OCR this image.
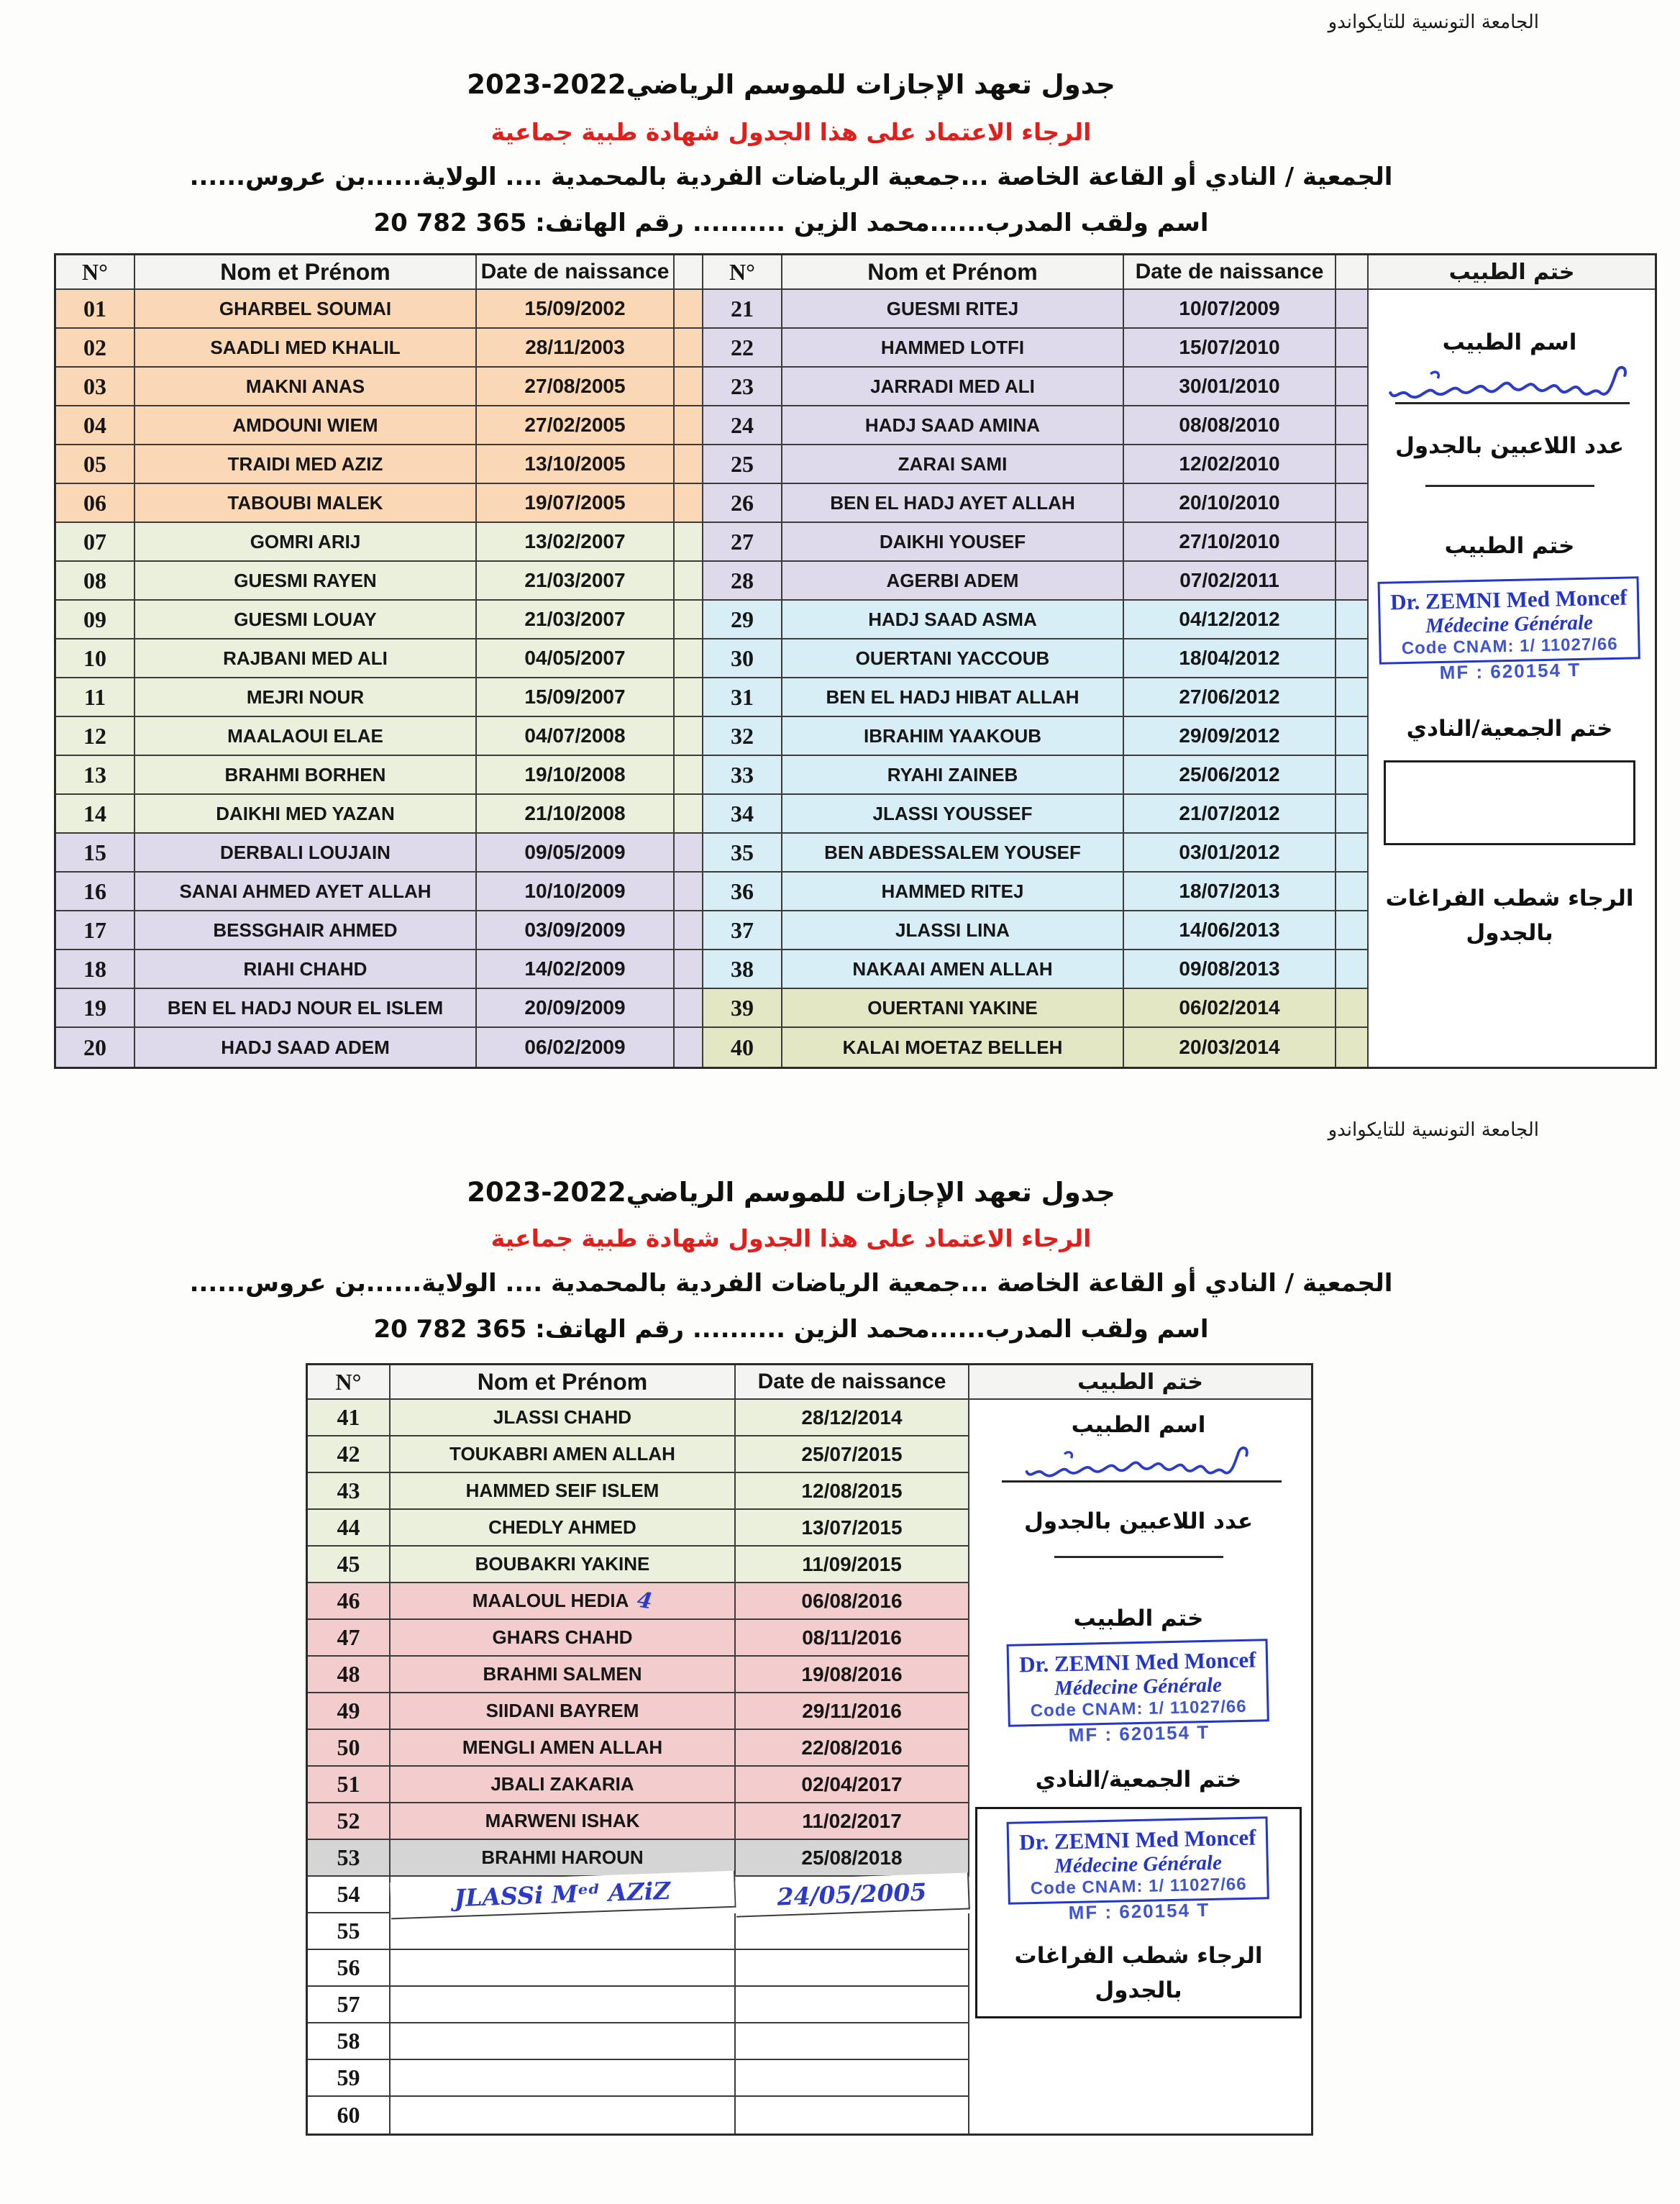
الجامعة التونسية للتايكواندو
جدول تعهد الإجازات للموسم الرياضي2022-2023
الرجاء الاعتماد على هذا الجدول شهادة طبية جماعية
الجمعية / النادي أو القاعة الخاصة ...جمعية الرياضات الفردية بالمحمدية .... الولاية......بن عروس......
اسم ولقب المدرب......محمد الزين .......... رقم الهاتف: 20 782 365
N°	Nom et Prénom	Date de naissance	N°	Nom et Prénom	Date de naissance	ختم الطبيب
01	GHARBEL SOUMAI	15/09/2002	21	GUESMI RITEJ	10/07/2009
02	SAADLI MED KHALIL	28/11/2003	22	HAMMED LOTFI	15/07/2010
03	MAKNI ANAS	27/08/2005	23	JARRADI MED ALI	30/01/2010
04	AMDOUNI WIEM	27/02/2005	24	HADJ SAAD AMINA	08/08/2010
05	TRAIDI MED AZIZ	13/10/2005	25	ZARAI SAMI	12/02/2010
06	TABOUBI MALEK	19/07/2005	26	BEN EL HADJ AYET ALLAH	20/10/2010
07	GOMRI ARIJ	13/02/2007	27	DAIKHI YOUSEF	27/10/2010
08	GUESMI RAYEN	21/03/2007	28	AGERBI ADEM	07/02/2011
09	GUESMI LOUAY	21/03/2007	29	HADJ SAAD ASMA	04/12/2012
10	RAJBANI MED ALI	04/05/2007	30	OUERTANI YACCOUB	18/04/2012
11	MEJRI NOUR	15/09/2007	31	BEN EL HADJ HIBAT ALLAH	27/06/2012
12	MAALAOUI ELAE	04/07/2008	32	IBRAHIM YAAKOUB	29/09/2012
13	BRAHMI BORHEN	19/10/2008	33	RYAHI ZAINEB	25/06/2012
14	DAIKHI MED YAZAN	21/10/2008	34	JLASSI YOUSSEF	21/07/2012
15	DERBALI LOUJAIN	09/05/2009	35	BEN ABDESSALEM YOUSEF	03/01/2012
16	SANAI AHMED AYET ALLAH	10/10/2009	36	HAMMED RITEJ	18/07/2013
17	BESSGHAIR AHMED	03/09/2009	37	JLASSI LINA	14/06/2013
18	RIAHI CHAHD	14/02/2009	38	NAKAAI AMEN ALLAH	09/08/2013
19	BEN EL HADJ NOUR EL ISLEM	20/09/2009	39	OUERTANI YAKINE	06/02/2014
20	HADJ SAAD ADEM	06/02/2009	40	KALAI MOETAZ BELLEH	20/03/2014
اسم الطبيب
عدد اللاعبين بالجدول
ختم الطبيب
Dr. ZEMNI Med Moncef
Médecine Générale
Code CNAM: 1/ 11027/66
MF : 620154 T
ختم الجمعية/النادي
الرجاء شطب الفراغات
بالجدول
الجامعة التونسية للتايكواندو
جدول تعهد الإجازات للموسم الرياضي2022-2023
الرجاء الاعتماد على هذا الجدول شهادة طبية جماعية
الجمعية / النادي أو القاعة الخاصة ...جمعية الرياضات الفردية بالمحمدية .... الولاية......بن عروس......
اسم ولقب المدرب......محمد الزين .......... رقم الهاتف: 20 782 365
N°	Nom et Prénom	Date de naissance	ختم الطبيب
41	JLASSI CHAHD	28/12/2014
42	TOUKABRI AMEN ALLAH	25/07/2015
43	HAMMED SEIF ISLEM	12/08/2015
44	CHEDLY AHMED	13/07/2015
45	BOUBAKRI YAKINE	11/09/2015
46	MAALOUL HEDIA 4	06/08/2016
47	GHARS CHAHD	08/11/2016
48	BRAHMI SALMEN	19/08/2016
49	SIIDANI BAYREM	29/11/2016
50	MENGLI AMEN ALLAH	22/08/2016
51	JBALI ZAKARIA	02/04/2017
52	MARWENI ISHAK	11/02/2017
53	BRAHMI HAROUN	25/08/2018
54	JLASSi Mᵉᵈ AZiZ	24/05/2005
55
56
57
58
59
60
اسم الطبيب
عدد اللاعبين بالجدول
ختم الطبيب
Dr. ZEMNI Med Moncef
Médecine Générale
Code CNAM: 1/ 11027/66
MF : 620154 T
ختم الجمعية/النادي
Dr. ZEMNI Med Moncef
Médecine Générale
Code CNAM: 1/ 11027/66
MF : 620154 T
الرجاء شطب الفراغات
بالجدول
